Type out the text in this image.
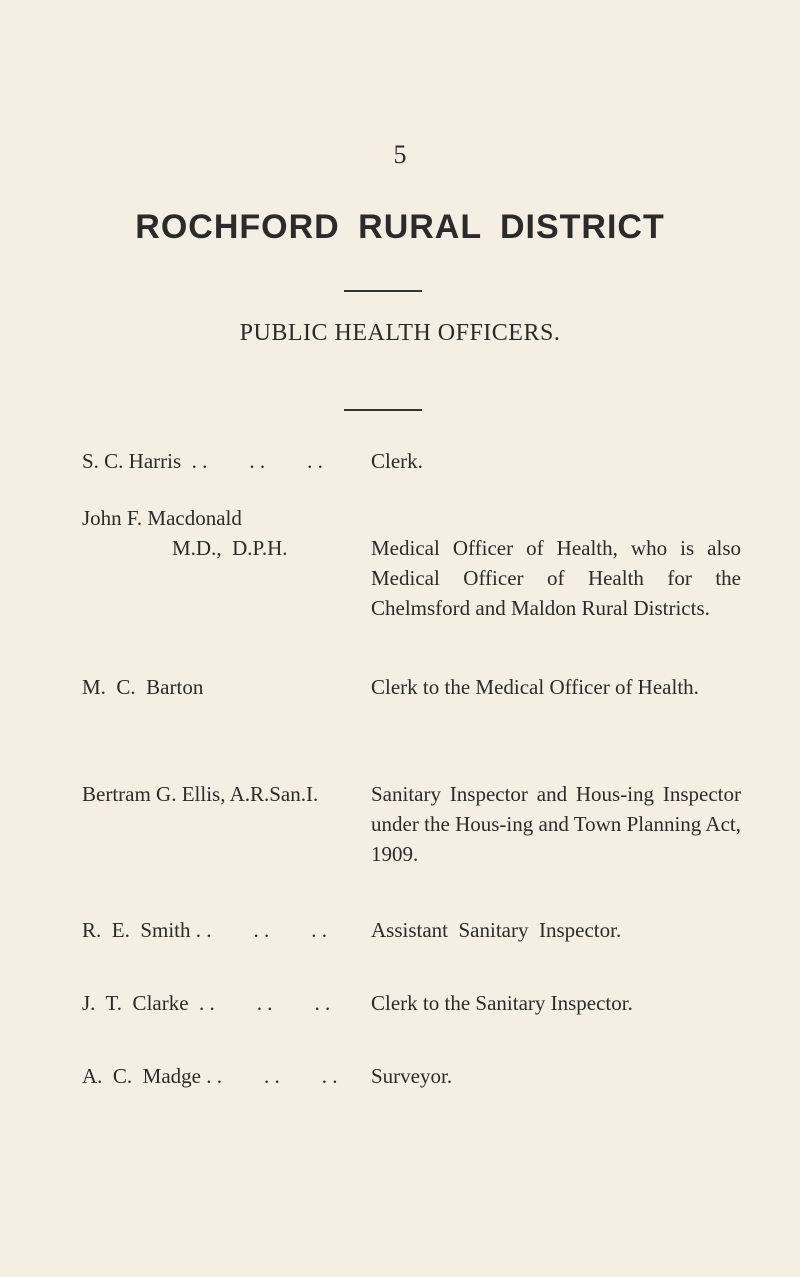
5
ROCHFORD RURAL DISTRICT
PUBLIC HEALTH OFFICERS.
S. C. Harris  . .        . .        . . Clerk.
John F. Macdonald
M.D.,  D.P.H.	Medical Officer of Health, who is also Medical Officer of Health for the Chelmsford and Maldon Rural Districts.
M.  C.  Barton	Clerk to the Medical Officer of Health.
Bertram G. Ellis, A.R.San.I.	Sanitary Inspector and Hous-ing Inspector under the Hous-ing and Town Planning Act, 1909.
R.  E.  Smith . .        . .        . . Assistant  Sanitary  Inspector.
J.  T.  Clarke  . .        . .        . . Clerk to the Sanitary Inspector.
A.  C.  Madge . .        . .        . . Surveyor.
